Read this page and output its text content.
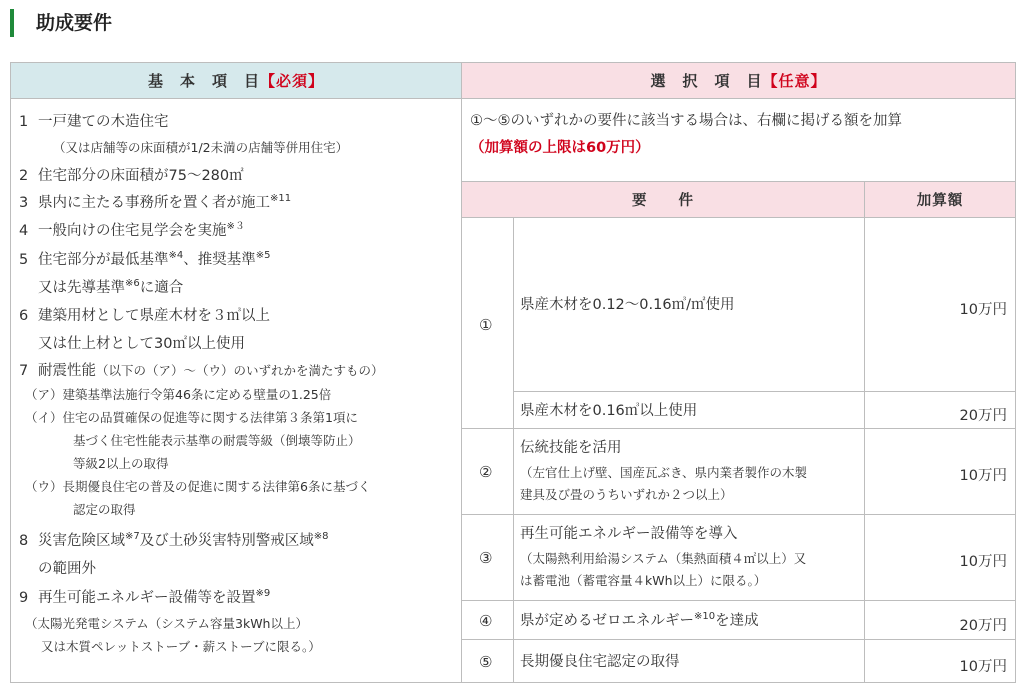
助成要件
基　本　項　目 【必須】	選　択　項　目 【任意】
1 一戸建ての木造住宅
（又は店舗等の床面積が1/2未満の店舗等併用住宅）
2 住宅部分の床面積が75～280㎡
3 県内に主たる事務所を置く者が施工$^{※11}$
4 一般向けの住宅見学会を実施$^{※3}$
5 住宅部分が最低基準$^{※4}$、推奨基準$^{※5}$
又は先導基準$^{※6}$に適合
6 建築用材として県産木材を３㎥以上
又は仕上材として30㎡以上使用
7 耐震性能（以下の（ア）～（ウ）のいずれかを満たすもの）
（ア）建築基準法施行令第46条に定める壁量の1.25倍
（イ）住宅の品質確保の促進等に関する法律第３条第1項に
基づく住宅性能表示基準の耐震等級（倒壊等防止）
等級2以上の取得
（ウ）長期優良住宅の普及の促進に関する法律第6条に基づく
認定の取得
8 災害危険区域$^{※7}$及び土砂災害特別警戒区域$^{※8}$
の範囲外
9 再生可能エネルギー設備等を設置$^{※9}$
（太陽光発電システム（システム容量3kWh以上）
又は木質ペレットストーブ・薪ストーブに限る。）
①～⑤のいずれかの要件に該当する場合は、右欄に掲げる額を加算
（加算額の上限は60万円）
要　　件	加算額
①
②
③
④
⑤
県産木材を0.12～0.16㎥/㎡使用
県産木材を0.16㎥以上使用
伝統技能を活用
（左官仕上げ壁、国産瓦ぶき、県内業者製作の木製
建具及び畳のうちいずれか２つ以上）
再生可能エネルギー設備等を導入
（太陽熱利用給湯システム（集熱面積４㎡以上）又
は蓄電池（蓄電容量４kWh以上）に限る。）
県が定めるゼロエネルギー$^{※10}$を達成
長期優良住宅認定の取得
10万円
20万円
10万円
10万円
20万円
10万円
